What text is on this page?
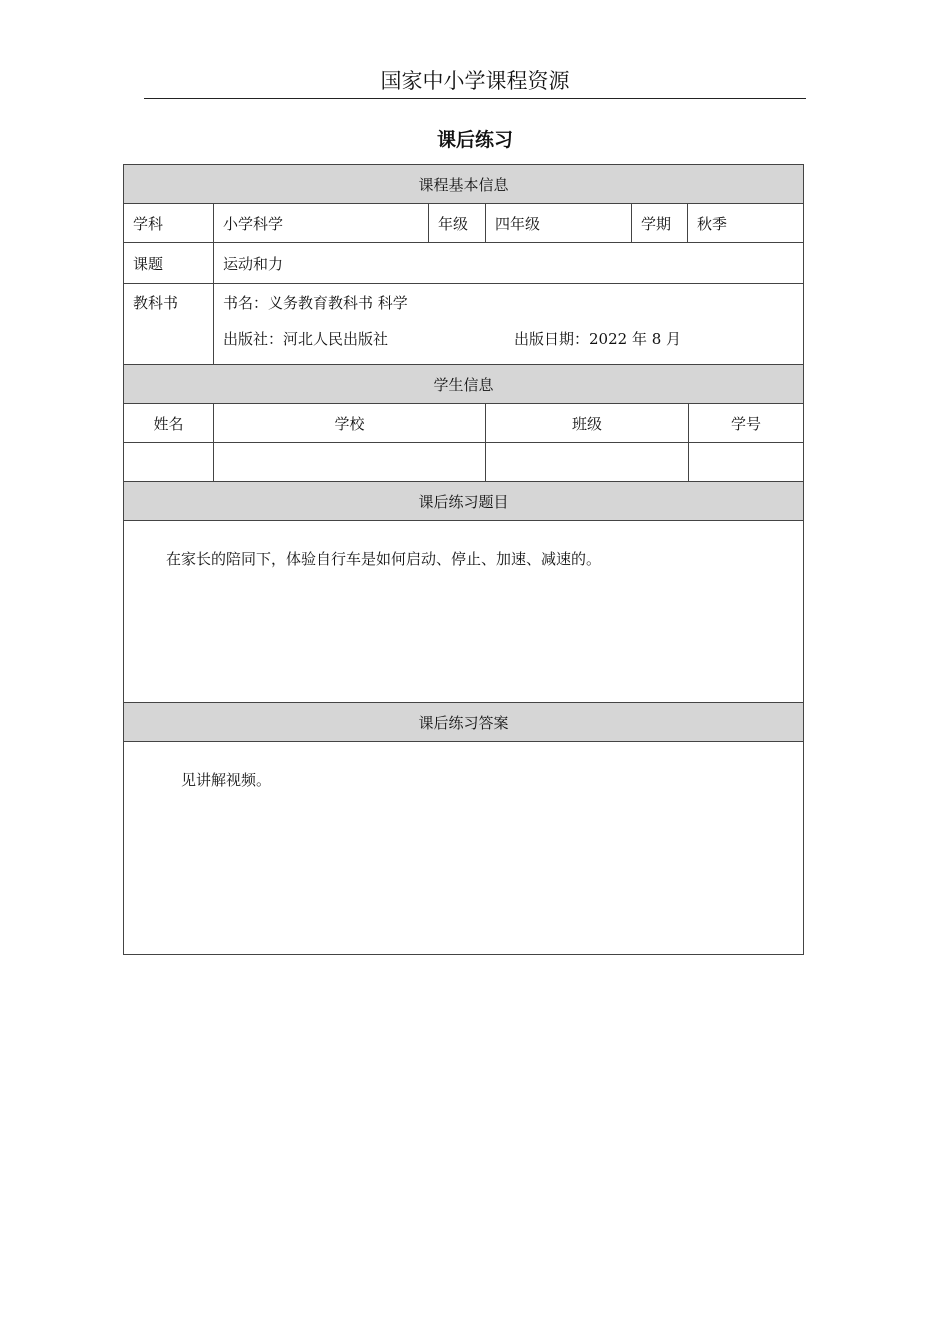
国家中小学课程资源
课后练习
课程基本信息					
学科	小学科学	年级	四年级	学期	秋季
课题	运动和力				

教科书	书名：义务教育教科书 科学
出版社：河北人民出版社 出版日期：2022 年 8 月				

学生信息					
姓名	学校		班级		学号

课后练习题目					

在家长的陪同下，体验自行车是如何启动、停止、加速、减速的。					

课后练习答案					

见讲解视频。					
